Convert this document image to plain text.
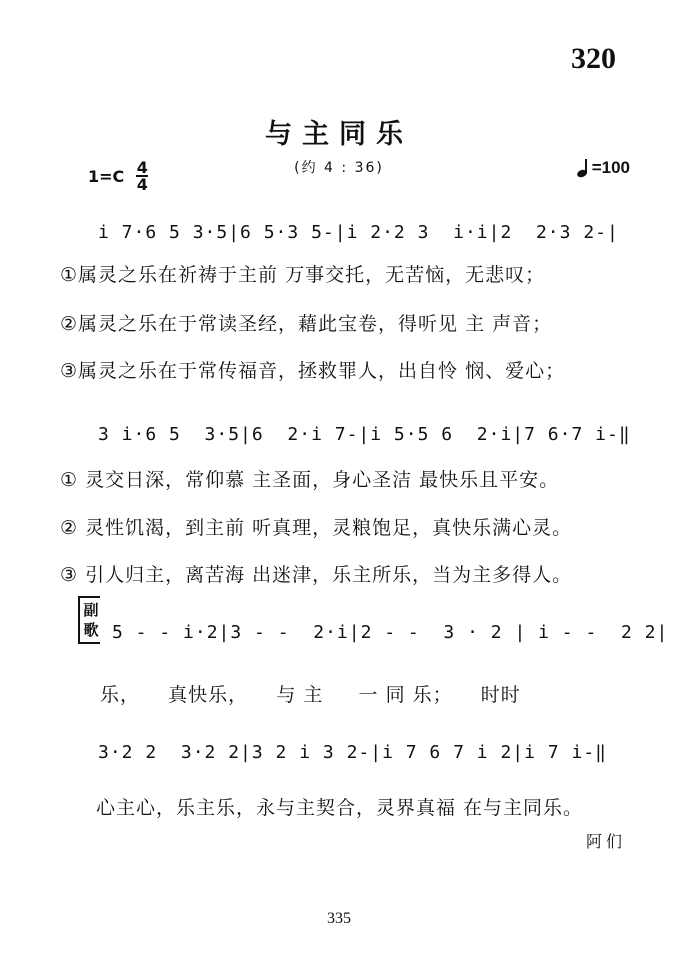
320
与主同乐
(约 4 : 36)
1=C 4
4
=100
i 7·6 5 3·5|6 5·3 5-|i 2·2 3  i·i|2  2·3 2-|
①属灵之乐在祈祷于主前 万事交托，无苦恼，无悲叹；
②属灵之乐在于常读圣经，藉此宝卷，得听见 主 声音；
③属灵之乐在于常传福音，拯救罪人，出自怜 悯、爱心；
3 i·6 5  3·5|6  2·i 7-|i 5·5 6  2·i|7 6·7 i-‖
① 灵交日深，常仰慕 主圣面，身心圣洁 最快乐且平安。
② 灵性饥渴，到主前 听真理，灵粮饱足，真快乐满心灵。
③ 引人归主，离苦海 出迷津，乐主所乐，当为主多得人。
副歌 5 - - i·2|3 - -  2·i|2 - -  3 · 2 | i - -  2 2|
乐，    真快乐，    与 主     一 同 乐；    时时
3·2 2  3·2 2|3 2 i 3 2-|i 7 6 7 i 2|i 7 i-‖
心主心，乐主乐，永与主契合，灵界真福 在与主同乐。
阿们
335
